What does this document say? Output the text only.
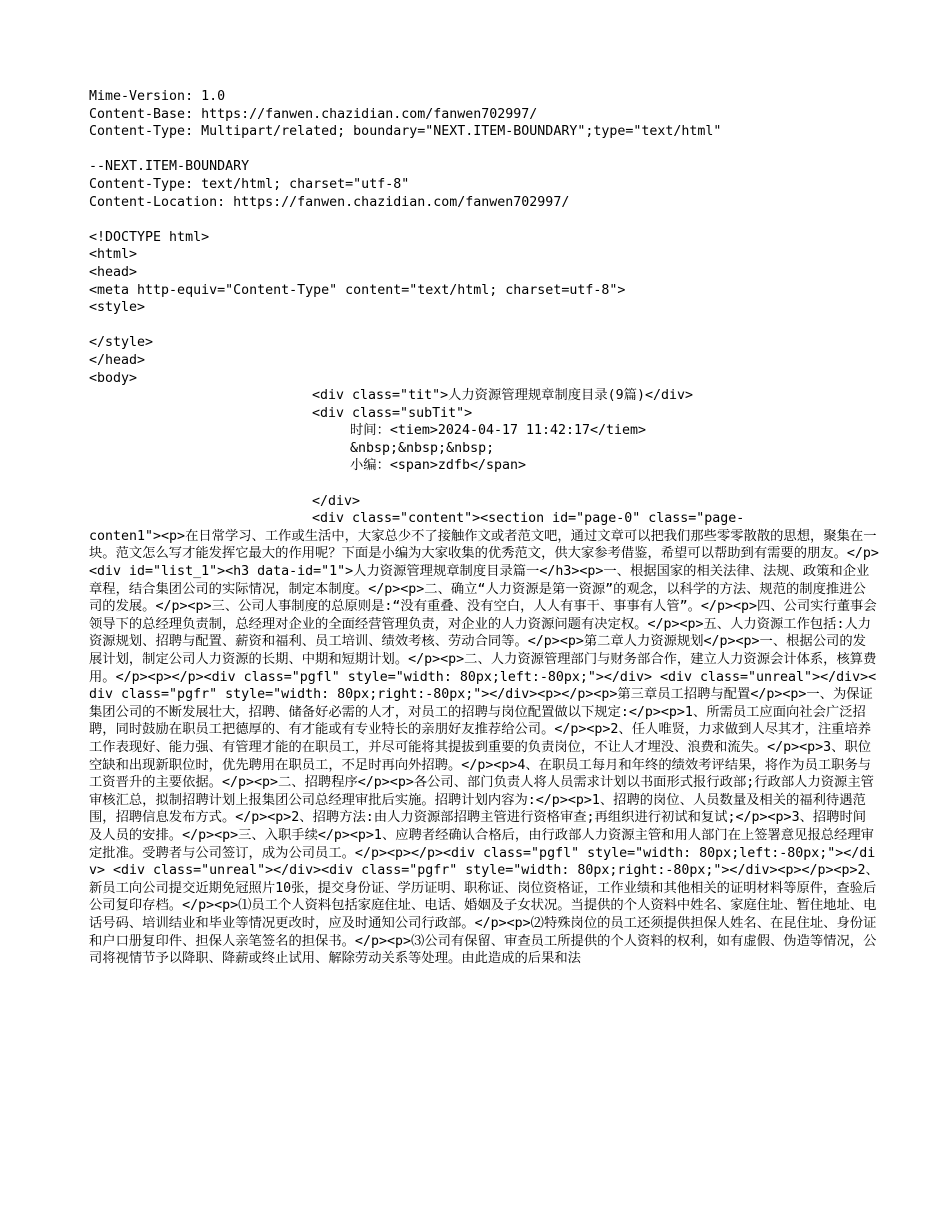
Mime-Version: 1.0
Content-Base: https://fanwen.chazidian.com/fanwen702997/
Content-Type: Multipart/related; boundary="NEXT.ITEM-BOUNDARY";type="text/html"
--NEXT.ITEM-BOUNDARY
Content-Type: text/html; charset="utf-8"
Content-Location: https://fanwen.chazidian.com/fanwen702997/
<!DOCTYPE html>
<html>
<head>
<meta http-equiv="Content-Type" content="text/html; charset=utf-8">
<style>
</style>
</head>
<body>
<div class="tit">人力资源管理规章制度目录(9篇)</div>
<div class="subTit">
时间：<tiem>2024-04-17 11:42:17</tiem>
&nbsp;&nbsp;&nbsp;
小编：<span>zdfb</span>
</div>
<div class="content"><section id="page-0" class="page-

conten1"><p>在日常学习、工作或生活中，大家总少不了接触作文或者范文吧，通过文章可以把我们那些零零散散的思想，聚集在一块。范文怎么写才能发挥它最大的作用呢？下面是小编为大家收集的优秀范文，供大家参考借鉴，希望可以帮助到有需要的朋友。</p><div id="list_1"><h3 data-id="1">人力资源管理规章制度目录篇一</h3><p>一、根据国家的相关法律、法规、政策和企业章程，结合集团公司的实际情况，制定本制度。</p><p>二、确立“人力资源是第一资源”的观念，以科学的方法、规范的制度推进公司的发展。</p><p>三、公司人事制度的总原则是:“没有重叠、没有空白，人人有事干、事事有人管”。</p><p>四、公司实行董事会领导下的总经理负责制，总经理对企业的全面经营管理负责，对企业的人力资源问题有决定权。</p><p>五、人力资源工作包括:人力资源规划、招聘与配置、薪资和福利、员工培训、绩效考核、劳动合同等。</p><p>第二章人力资源规划</p><p>一、根据公司的发展计划，制定公司人力资源的长期、中期和短期计划。</p><p>二、人力资源管理部门与财务部合作，建立人力资源会计体系，核算费用。</p><p></p><div class="pgfl" style="width: 80px;left:-80px;"></div> <div class="unreal"></div><div class="pgfr" style="width: 80px;right:-80px;"></div><p></p><p>第三章员工招聘与配置</p><p>一、为保证集团公司的不断发展壮大，招聘、储备好必需的人才，对员工的招聘与岗位配置做以下规定:</p><p>1、所需员工应面向社会广泛招聘，同时鼓励在职员工把德厚的、有才能或有专业特长的亲朋好友推荐给公司。</p><p>2、任人唯贤，力求做到人尽其才，注重培养工作表现好、能力强、有管理才能的在职员工，并尽可能将其提拔到重要的负责岗位，不让人才埋没、浪费和流失。</p><p>3、职位空缺和出现新职位时，优先聘用在职员工，不足时再向外招聘。</p><p>4、在职员工每月和年终的绩效考评结果，将作为员工职务与工资晋升的主要依据。</p><p>二、招聘程序</p><p>各公司、部门负责人将人员需求计划以书面形式报行政部;行政部人力资源主管审核汇总，拟制招聘计划上报集团公司总经理审批后实施。招聘计划内容为:</p><p>1、招聘的岗位、人员数量及相关的福利待遇范围，招聘信息发布方式。</p><p>2、招聘方法:由人力资源部招聘主管进行资格审查;再组织进行初试和复试;</p><p>3、招聘时间及人员的安排。</p><p>三、入职手续</p><p>1、应聘者经确认合格后，由行政部人力资源主管和用人部门在上签署意见报总经理审定批准。受聘者与公司签订，成为公司员工。</p><p></p><div class="pgfl" style="width: 80px;left:-80px;"></div> <div class="unreal"></div><div class="pgfr" style="width: 80px;right:-80px;"></div><p></p><p>2、新员工向公司提交近期免冠照片10张，提交身份证、学历证明、职称证、岗位资格证，工作业绩和其他相关的证明材料等原件，查验后公司复印存档。</p><p>⑴员工个人资料包括家庭住址、电话、婚姻及子女状况。当提供的个人资料中姓名、家庭住址、暂住地址、电话号码、培训结业和毕业等情况更改时，应及时通知公司行政部。</p><p>⑵特殊岗位的员工还须提供担保人姓名、在昆住址、身份证和户口册复印件、担保人亲笔签名的担保书。</p><p>⑶公司有保留、审查员工所提供的个人资料的权利，如有虚假、伪造等情况，公司将视情节予以降职、降薪或终止试用、解除劳动关系等处理。由此造成的后果和法
